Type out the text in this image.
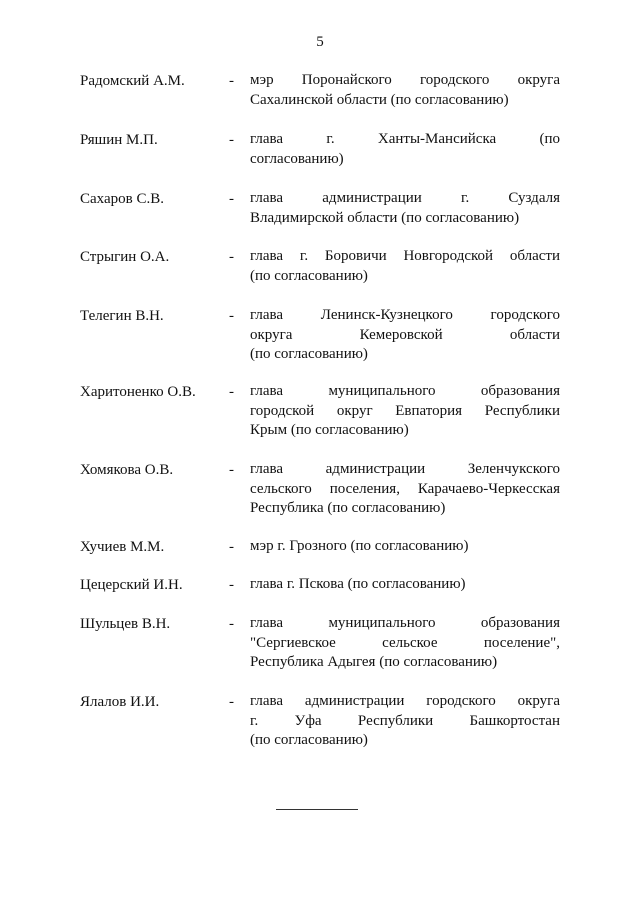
5
Радомский А.М.	- мэр Поронайского городского округа
Сахалинской области (по согласованию)
Ряшин М.П.	- глава г. Ханты-Мансийска (по
согласованию)
Сахаров С.В.	- глава администрации г. Суздаля
Владимирской области (по согласованию)
Стрыгин О.А.	- глава г. Боровичи Новгородской области
(по согласованию)
Телегин В.Н.	- глава Ленинск-Кузнецкого городского
округа Кемеровской области
(по согласованию)
Харитоненко О.В.	- глава муниципального образования
городской округ Евпатория Республики
Крым (по согласованию)
Хомякова О.В.	- глава администрации Зеленчукского
сельского поселения, Карачаево-Черкесская
Республика (по согласованию)
Хучиев М.М.	- мэр г. Грозного (по согласованию)
Цецерский И.Н.	- глава г. Пскова (по согласованию)
Шульцев В.Н.	- глава муниципального образования
"Сергиевское сельское поселение",
Республика Адыгея (по согласованию)
Ялалов И.И.	- глава администрации городского округа
г. Уфа Республики Башкортостан
(по согласованию)
